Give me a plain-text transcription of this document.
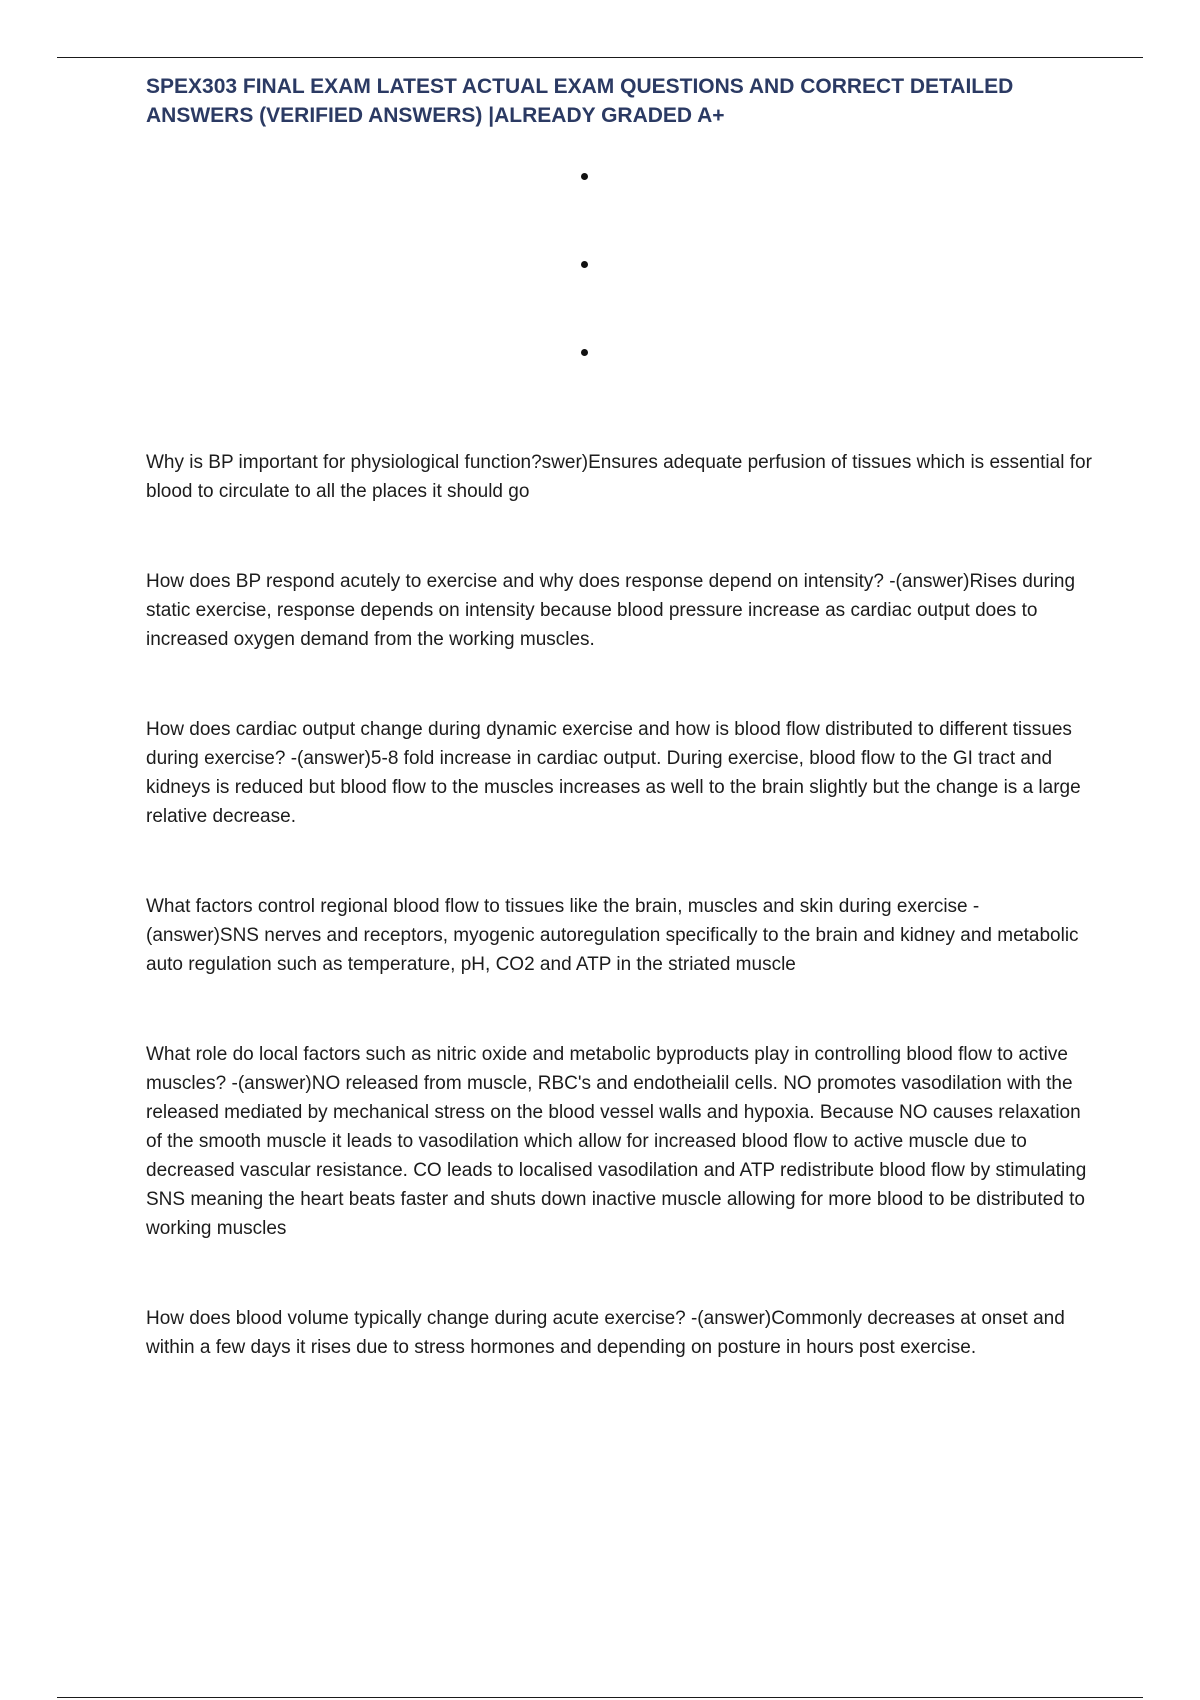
SPEX303 FINAL EXAM LATEST ACTUAL EXAM QUESTIONS AND CORRECT DETAILED ANSWERS (VERIFIED ANSWERS) |ALREADY GRADED A+

Why is BP important for physiological function?swer)Ensures adequate perfusion of tissues which is essential for blood to circulate to all the places it should go

How does BP respond acutely to exercise and why does response depend on intensity? -(answer)Rises during static exercise, response depends on intensity because blood pressure increase as cardiac output does to increased oxygen demand from the working muscles.

How does cardiac output change during dynamic exercise and how is blood flow distributed to different tissues during exercise? -(answer)5-8 fold increase in cardiac output. During exercise, blood flow to the GI tract and kidneys is reduced but blood flow to the muscles increases as well to the brain slightly but the change is a large relative decrease.

What factors control regional blood flow to tissues like the brain, muscles and skin during exercise - (answer)SNS nerves and receptors, myogenic autoregulation specifically to the brain and kidney and metabolic auto regulation such as temperature, pH, CO2 and ATP in the striated muscle

What role do local factors such as nitric oxide and metabolic byproducts play in controlling blood flow to active muscles? -(answer)NO released from muscle, RBC's and endotheialil cells. NO promotes vasodilation with the released mediated by mechanical stress on the blood vessel walls and hypoxia. Because NO causes relaxation of the smooth muscle it leads to vasodilation which allow for increased blood flow to active muscle due to decreased vascular resistance. CO leads to localised vasodilation and ATP redistribute blood flow by stimulating SNS meaning the heart beats faster and shuts down inactive muscle allowing for more blood to be distributed to working muscles

How does blood volume typically change during acute exercise? -(answer)Commonly decreases at onset and within a few days it rises due to stress hormones and depending on posture in hours post exercise.
